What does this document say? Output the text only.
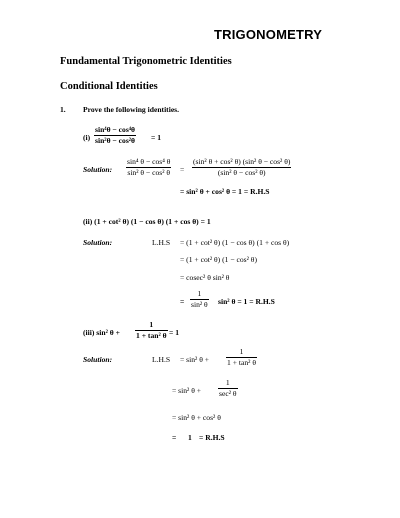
TRIGONOMETRY
Fundamental Trigonometric Identities
Conditional Identities
1. Prove the following identities.
(i)
sin⁴θ − cos⁴θ
sin²θ − cos²θ = 1
Solution:
sin⁴ θ − cos⁴ θ
sin² θ − cos² θ =
(sin² θ + cos² θ) (sin² θ − cos² θ)
(sin² θ − cos² θ)
= sin² θ + cos² θ = 1 = R.H.S
(ii) (1 + cot² θ) (1 − cos θ) (1 + cos θ) = 1
Solution:	L.H.S = (1 + cot² θ) (1 − cos θ) (1 + cos θ)
= (1 + cot² θ) (1 − cos² θ)
= cosec² θ sin² θ
=
1
sin² θ sin² θ = 1 = R.H.S
(iii) sin² θ +
1
1 + tan² θ = 1
Solution:	L.H.S = sin² θ +
1
1 + tan² θ
= sin² θ +
1
sec² θ
= sin² θ + cos² θ
= 1 = R.H.S
